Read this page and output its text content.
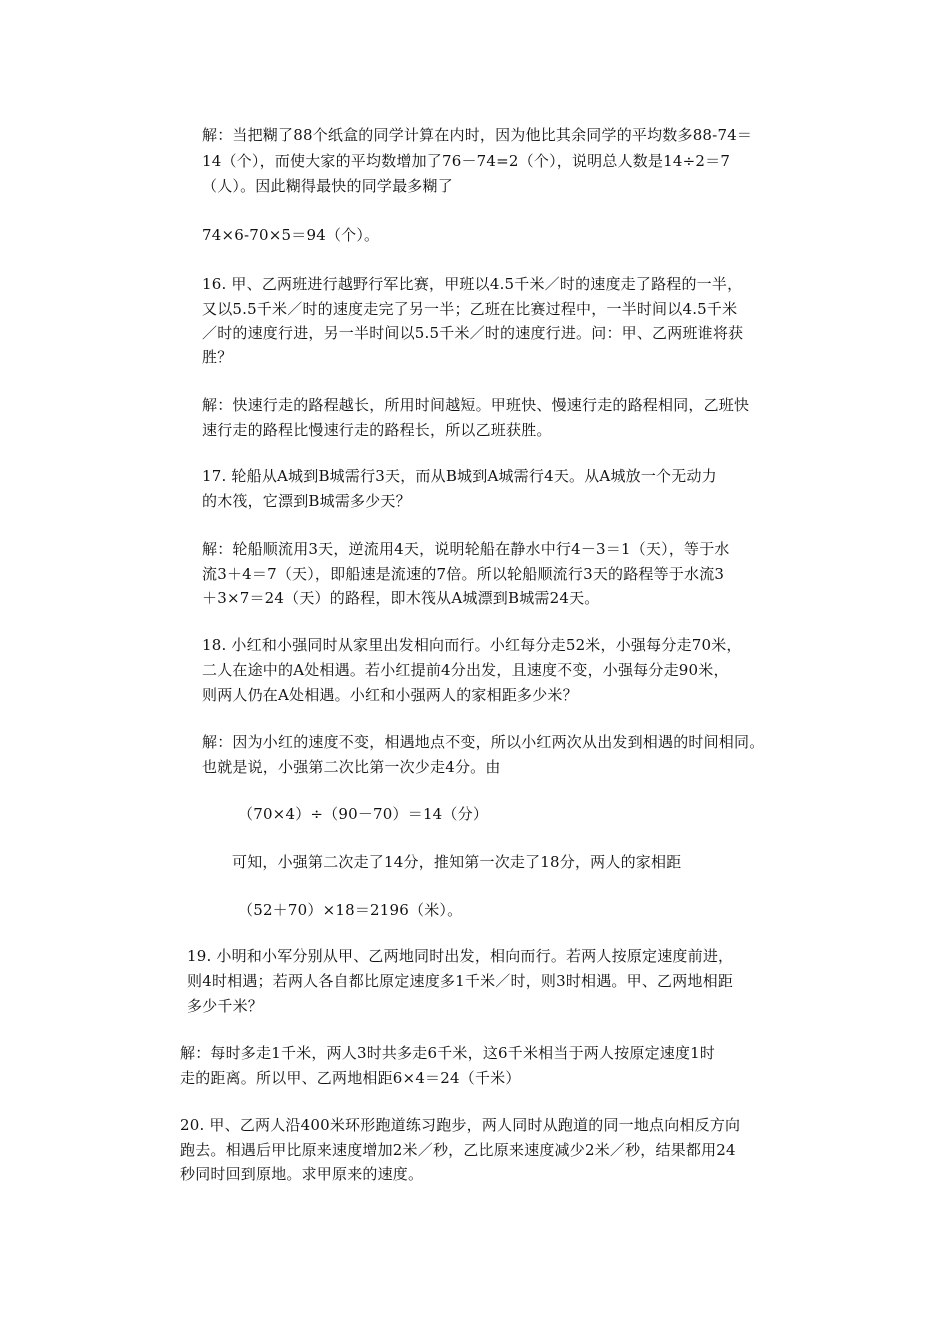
解：当把糊了88个纸盒的同学计算在内时，因为他比其余同学的平均数多88-74＝
14（个），而使大家的平均数增加了76－74=2（个），说明总人数是14÷2＝7
（人）。因此糊得最快的同学最多糊了
74×6-70×5＝94（个）。
16. 甲、乙两班进行越野行军比赛，甲班以4.5千米／时的速度走了路程的一半，
又以5.5千米／时的速度走完了另一半；乙班在比赛过程中，一半时间以4.5千米
／时的速度行进，另一半时间以5.5千米／时的速度行进。问：甲、乙两班谁将获
胜？
解：快速行走的路程越长，所用时间越短。甲班快、慢速行走的路程相同，乙班快
速行走的路程比慢速行走的路程长，所以乙班获胜。
17. 轮船从A城到B城需行3天，而从B城到A城需行4天。从A城放一个无动力
的木筏，它漂到B城需多少天？
解：轮船顺流用3天，逆流用4天，说明轮船在静水中行4－3＝1（天），等于水
流3＋4＝7（天），即船速是流速的7倍。所以轮船顺流行3天的路程等于水流3
＋3×7＝24（天）的路程，即木筏从A城漂到B城需24天。
18. 小红和小强同时从家里出发相向而行。小红每分走52米，小强每分走70米，
二人在途中的A处相遇。若小红提前4分出发，且速度不变，小强每分走90米，
则两人仍在A处相遇。小红和小强两人的家相距多少米？
解：因为小红的速度不变，相遇地点不变，所以小红两次从出发到相遇的时间相同。
也就是说，小强第二次比第一次少走4分。由
（70×4）÷（90－70）＝14（分）
可知，小强第二次走了14分，推知第一次走了18分，两人的家相距
（52＋70）×18＝2196（米）。
19. 小明和小军分别从甲、乙两地同时出发，相向而行。若两人按原定速度前进，
则4时相遇；若两人各自都比原定速度多1千米／时，则3时相遇。甲、乙两地相距
多少千米？
解：每时多走1千米，两人3时共多走6千米，这6千米相当于两人按原定速度1时
走的距离。所以甲、乙两地相距6×4＝24（千米）
20. 甲、乙两人沿400米环形跑道练习跑步，两人同时从跑道的同一地点向相反方向
跑去。相遇后甲比原来速度增加2米／秒，乙比原来速度减少2米／秒，结果都用24
秒同时回到原地。求甲原来的速度。
